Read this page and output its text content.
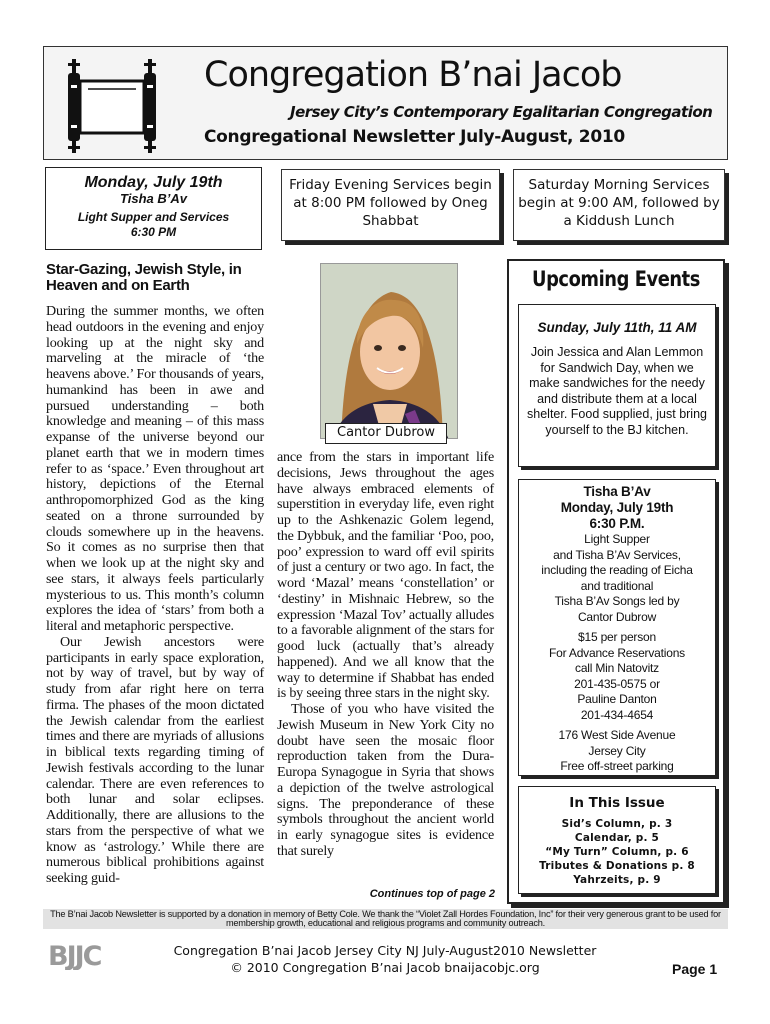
Congregation B’nai Jacob
Jersey City’s Contemporary Egalitarian Congregation
Congregational Newsletter July-August, 2010
Monday, July 19th
Tisha B’Av
Light Supper and Services
6:30 PM
Friday Evening Services begin at 8:00 PM followed by Oneg Shabbat
Saturday Morning Services begin at 9:00 AM, followed by a Kiddush Lunch
Star-Gazing, Jewish Style, in Heaven and on Earth

During the summer months, we often head outdoors in the evening and enjoy looking up at the night sky and marveling at the miracle of ‘the heavens above.’ For thousands of years, humankind has been in awe and pursued understanding – both knowledge and meaning – of this mass expanse of the universe beyond our planet earth that we in modern times refer to as ‘space.’ Even throughout art history, depictions of the Eternal anthropomorphized God as the king seated on a throne surrounded by clouds somewhere up in the heavens. So it comes as no surprise then that when we look up at the night sky and see stars, it always feels particularly mysterious to us. This month’s column explores the idea of ‘stars’ from both a literal and metaphoric perspective.

Our Jewish ancestors were participants in early space exploration, not by way of travel, but by way of study from afar right here on terra firma. The phases of the moon dictated the Jewish calendar from the earliest times and there are myriads of allusions in biblical texts regarding timing of Jewish festivals according to the lunar calendar. There are even references to both lunar and solar eclipses. Additionally, there are allusions to the stars from the perspective of what we know as ‘astrology.’ While there are numerous biblical prohibitions against seeking guid-

Cantor Dubrow

ance from the stars in important life decisions, Jews throughout the ages have always embraced elements of superstition in everyday life, even right up to the Ashkenazic Golem legend, the Dybbuk, and the familiar ‘Poo, poo, poo’ expression to ward off evil spirits of just a century or two ago. In fact, the word ‘Mazal’ means ‘constellation’ or ‘destiny’ in Mishnaic Hebrew, so the expression ‘Mazal Tov’ actually alludes to a favorable alignment of the stars for good luck (actually that’s already happened). And we all know that the way to determine if Shabbat has ended is by seeing three stars in the night sky.

Those of you who have visited the Jewish Museum in New York City no doubt have seen the mosaic floor reproduction taken from the Dura-Europa Synagogue in Syria that shows a depiction of the twelve astrological signs. The preponderance of these symbols throughout the ancient world in early synagogue sites is evidence that surely

Continues top of page 2
Upcoming Events
Sunday, July 11th, 11 AM
Join Jessica and Alan Lemmon for Sandwich Day, when we make sandwiches for the needy and distribute them at a local shelter. Food supplied, just bring yourself to the BJ kitchen.
Tisha B’Av
Monday, July 19th
6:30 P.M.
Light Supper
and Tisha B’Av Services,
including the reading of Eicha
and traditional
Tisha B’Av Songs led by
Cantor Dubrow
$15 per person
For Advance Reservations
call Min Natovitz
201-435-0575 or
Pauline Danton
201-434-4654
176 West Side Avenue
Jersey City
Free off-street parking
In This Issue
Sid’s Column, p. 3
Calendar, p. 5
“My Turn” Column, p. 6
Tributes & Donations p. 8
Yahrzeits, p. 9
The B’nai Jacob Newsletter is supported by a donation in memory of Betty Cole. We thank the “Violet Zall Hordes Foundation, Inc” for their very generous grant to be used for membership growth, educational and religious programs and community outreach.
BJJC	Congregation B’nai Jacob Jersey City NJ July-August2010 Newsletter
© 2010 Congregation B’nai Jacob bnaijacobjc.org	Page 1
